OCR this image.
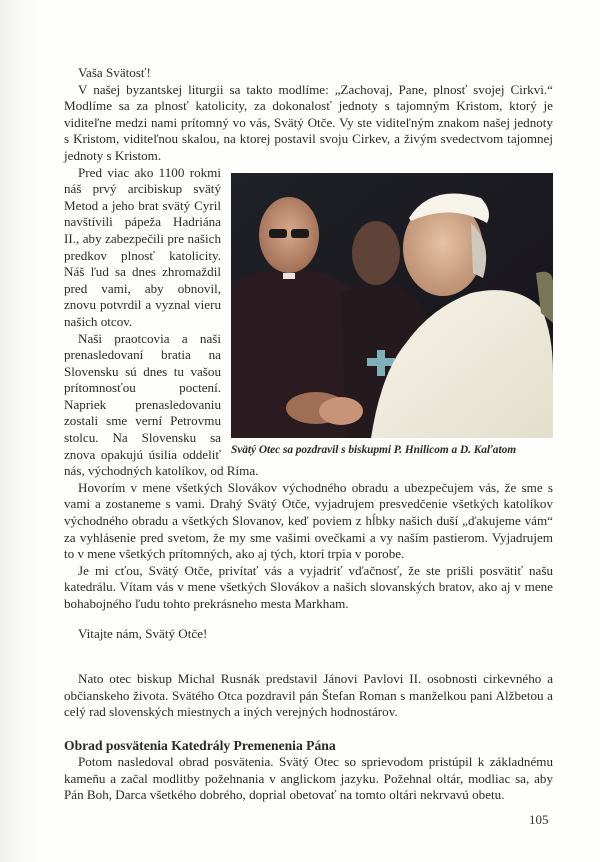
Vaša Svätosť!

V našej byzantskej liturgii sa takto modlíme: „Zachovaj, Pane, plnosť svojej Cirkvi.“ Modlíme sa za plnosť katolicity, za dokonalosť jednoty s tajomným Kristom, ktorý je viditeľne medzi nami prítomný vo vás, Svätý Otče. Vy ste viditeľným znakom našej jednoty s Kristom, viditeľnou skalou, na ktorej postavil svoju Cirkev, a živým svedectvom tajomnej jednoty s Kristom.

Svätý Otec sa pozdravil s biskupmi P. Hnilicom a D. Kaľatom

Pred viac ako 1100 rokmi náš prvý arcibiskup svätý Metod a jeho brat svätý Cyril navštívili pápeža Hadriána II., aby zabezpečili pre našich predkov plnosť katolicity. Náš ľud sa dnes zhromaždil pred vami, aby obnovil, znovu potvrdil a vyznal vieru našich otcov.

Naši praotcovia a naši prenasledovaní bratia na Slovensku sú dnes tu vašou prítomnosťou poctení. Napriek prenasledovaniu zostali sme verní Petrovmu stolcu. Na Slovensku sa znova opakujú úsilia oddeliť nás, východných katolíkov, od Ríma.

Hovorím v mene všetkých Slovákov východného obradu a ubezpečujem vás, že sme s vami a zostaneme s vami. Drahý Svätý Otče, vyjadrujem presvedčenie všetkých katolíkov východného obradu a všetkých Slovanov, keď poviem z hĺbky našich duší „ďakujeme vám“ za vyhlásenie pred svetom, že my sme vašimi ovečkami a vy naším pastierom. Vyjadrujem to v mene všetkých prítomných, ako aj tých, ktorí trpia v porobe.

Je mi cťou, Svätý Otče, privítať vás a vyjadriť vďačnosť, že ste prišli posvätiť našu katedrálu. Vítam vás v mene všetkých Slovákov a našich slovanských bratov, ako aj v mene bohabojného ľudu tohto prekrásneho mesta Markham.

Vitajte nám, Svätý Otče!

Nato otec biskup Michal Rusnák predstavil Jánovi Pavlovi II. osobnosti cirkevného a občianskeho života. Svätého Otca pozdravil pán Štefan Roman s manželkou pani Alžbetou a celý rad slovenských miestnych a iných verejných hodnostárov.

Obrad posvätenia Katedrály Premenenia Pána

Potom nasledoval obrad posvätenia. Svätý Otec so sprievodom pristúpil k základnému kameňu a začal modlitby požehnania v anglickom jazyku. Požehnal oltár, modliac sa, aby Pán Boh, Darca všetkého dobrého, doprial obetovať na tomto oltári nekrvavú obetu.

105
